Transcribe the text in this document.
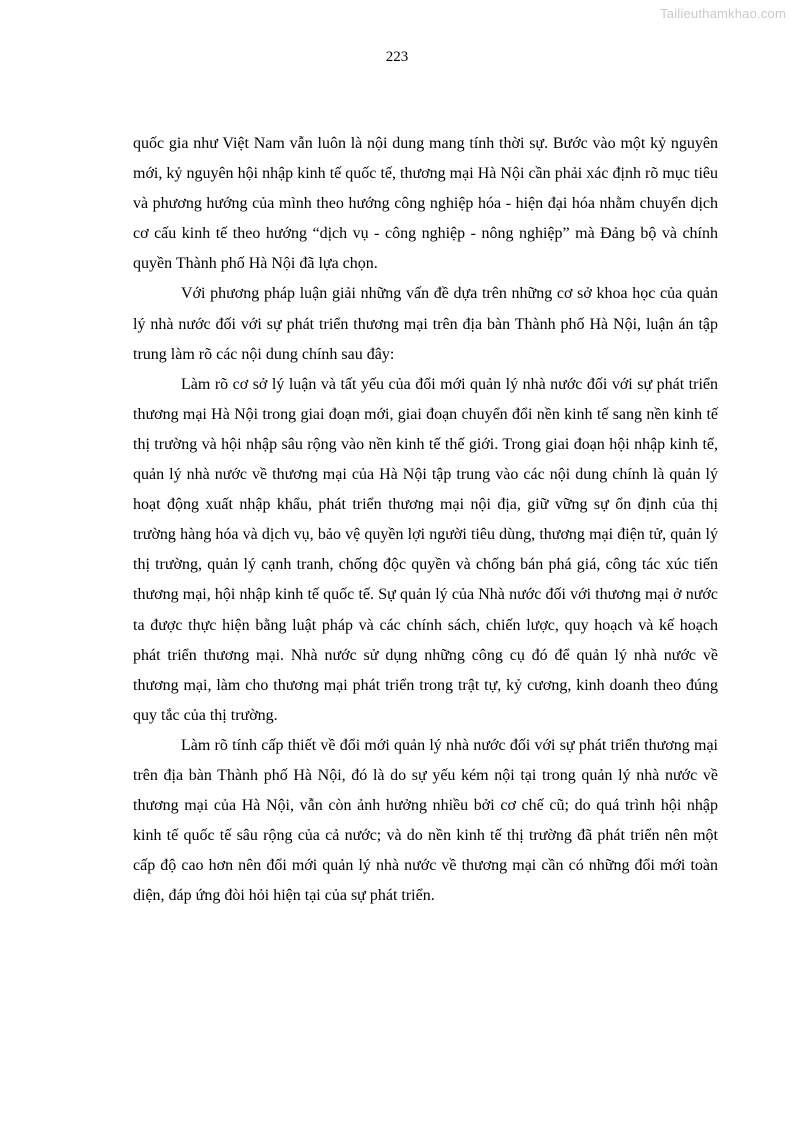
Tailieuthamkhao.com
223

quốc gia như Việt Nam vẫn luôn là nội dung mang tính thời sự. Bước vào một kỷ nguyên mới, kỷ nguyên hội nhập kinh tế quốc tế, thương mại Hà Nội cần phải xác định rõ mục tiêu và phương hướng của mình theo hướng công nghiệp hóa - hiện đại hóa nhằm chuyển dịch cơ cấu kinh tế theo hướng “dịch vụ - công nghiệp - nông nghiệp” mà Đảng bộ và chính quyền Thành phố Hà Nội đã lựa chọn.

Với phương pháp luận giải những vấn đề dựa trên những cơ sở khoa học của quản lý nhà nước đối với sự phát triển thương mại trên địa bàn Thành phố Hà Nội, luận án tập trung làm rõ các nội dung chính sau đây:

Làm rõ cơ sở lý luận và tất yếu của đổi mới quản lý nhà nước đối với sự phát triển thương mại Hà Nội trong giai đoạn mới, giai đoạn chuyển đổi nền kinh tế sang nền kinh tế thị trường và hội nhập sâu rộng vào nền kinh tế thế giới. Trong giai đoạn hội nhập kinh tế, quản lý nhà nước về thương mại của Hà Nội tập trung vào các nội dung chính là quản lý hoạt động xuất nhập khẩu, phát triển thương mại nội địa, giữ vững sự ổn định của thị trường hàng hóa và dịch vụ, bảo vệ quyền lợi người tiêu dùng, thương mại điện tử, quản lý thị trường, quản lý cạnh tranh, chống độc quyền và chống bán phá giá, công tác xúc tiến thương mại, hội nhập kinh tế quốc tế. Sự quản lý của Nhà nước đối với thương mại ở nước ta được thực hiện bằng luật pháp và các chính sách, chiến lược, quy hoạch và kế hoạch phát triển thương mại. Nhà nước sử dụng những công cụ đó để quản lý nhà nước về thương mại, làm cho thương mại phát triển trong trật tự, kỷ cương, kinh doanh theo đúng quy tắc của thị trường.

Làm rõ tính cấp thiết về đổi mới quản lý nhà nước đối với sự phát triển thương mại trên địa bàn Thành phố Hà Nội, đó là do sự yếu kém nội tại trong quản lý nhà nước về thương mại của Hà Nội, vẫn còn ảnh hưởng nhiều bởi cơ chế cũ; do quá trình hội nhập kinh tế quốc tế sâu rộng của cả nước; và do nền kinh tế thị trường đã phát triển nên một cấp độ cao hơn nên đổi mới quản lý nhà nước về thương mại cần có những đổi mới toàn diện, đáp ứng đòi hỏi hiện tại của sự phát triển.
